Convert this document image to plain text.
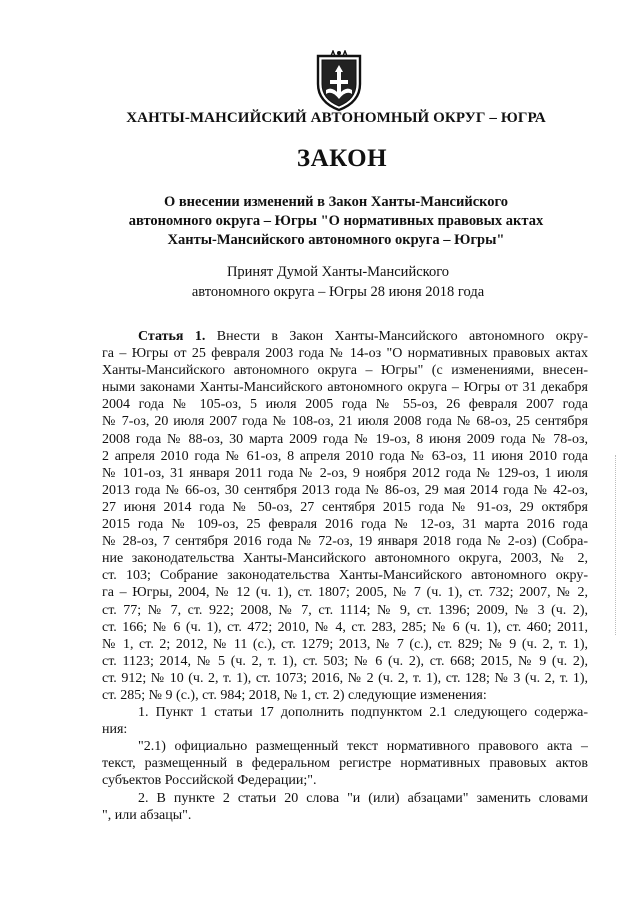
ХАНТЫ-МАНСИЙСКИЙ АВТОНОМНЫЙ ОКРУГ – ЮГРА
ЗАКОН
О внесении изменений в Закон Ханты-Мансийского
автономного округа – Югры "О нормативных правовых актах
Ханты-Мансийского автономного округа – Югры"
Принят Думой Ханты-Мансийского
автономного округа – Югры 28 июня 2018 года
Статья 1. Внести в Закон Ханты-Мансийского автономного окру-
га – Югры от 25 февраля 2003 года № 14-оз "О нормативных правовых актах
Ханты-Мансийского автономного округа – Югры" (с изменениями, внесен-
ными законами Ханты-Мансийского автономного округа – Югры от 31 декабря
2004 года № 105-оз, 5 июля 2005 года № 55-оз, 26 февраля 2007 года
№ 7-оз, 20 июля 2007 года № 108-оз, 21 июля 2008 года № 68-оз, 25 сентября
2008 года № 88-оз, 30 марта 2009 года № 19-оз, 8 июня 2009 года № 78-оз,
2 апреля 2010 года № 61-оз, 8 апреля 2010 года № 63-оз, 11 июня 2010 года
№ 101-оз, 31 января 2011 года № 2-оз, 9 ноября 2012 года № 129-оз, 1 июля
2013 года № 66-оз, 30 сентября 2013 года № 86-оз, 29 мая 2014 года № 42-оз,
27 июня 2014 года № 50-оз, 27 сентября 2015 года № 91-оз, 29 октября
2015 года № 109-оз, 25 февраля 2016 года № 12-оз, 31 марта 2016 года
№ 28-оз, 7 сентября 2016 года № 72-оз, 19 января 2018 года № 2-оз) (Собра-
ние законодательства Ханты-Мансийского автономного округа, 2003, № 2,
ст. 103; Собрание законодательства Ханты-Мансийского автономного окру-
га – Югры, 2004, № 12 (ч. 1), ст. 1807; 2005, № 7 (ч. 1), ст. 732; 2007, № 2,
ст. 77; № 7, ст. 922; 2008, № 7, ст. 1114; № 9, ст. 1396; 2009, № 3 (ч. 2),
ст. 166; № 6 (ч. 1), ст. 472; 2010, № 4, ст. 283, 285; № 6 (ч. 1), ст. 460; 2011,
№ 1, ст. 2; 2012, № 11 (с.), ст. 1279; 2013, № 7 (с.), ст. 829; № 9 (ч. 2, т. 1),
ст. 1123; 2014, № 5 (ч. 2, т. 1), ст. 503; № 6 (ч. 2), ст. 668; 2015, № 9 (ч. 2),
ст. 912; № 10 (ч. 2, т. 1), ст. 1073; 2016, № 2 (ч. 2, т. 1), ст. 128; № 3 (ч. 2, т. 1),
ст. 285; № 9 (с.), ст. 984; 2018, № 1, ст. 2) следующие изменения:
1. Пункт 1 статьи 17 дополнить подпунктом 2.1 следующего содержа-
ния:
"2.1) официально размещенный текст нормативного правового акта –
текст, размещенный в федеральном регистре нормативных правовых актов
субъектов Российской Федерации;".
2. В пункте 2 статьи 20 слова "и (или) абзацами" заменить словами
", или абзацы".
